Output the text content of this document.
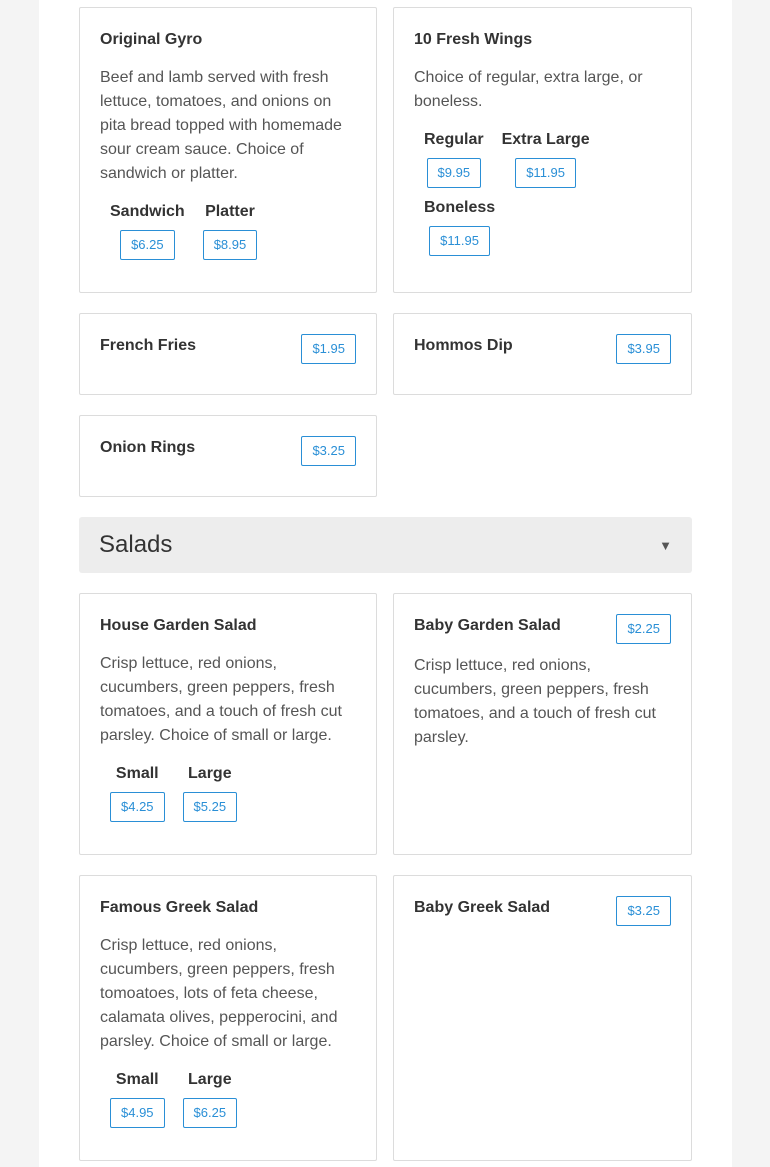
Original Gyro

Beef and lamb served with fresh lettuce, tomatoes, and onions on pita bread topped with homemade sour cream sauce. Choice of sandwich or platter.

Sandwich
$6.25
Platter
$8.95
10 Fresh Wings

Choice of regular, extra large, or boneless.

Regular
$9.95
Extra Large
$11.95
Boneless
$11.95
French Fries	$1.95	Hommos Dip	$3.95
Onion Rings	$3.25
Salads	▼
House Garden Salad

Crisp lettuce, red onions, cucumbers, green peppers, fresh tomatoes, and a touch of fresh cut parsley. Choice of small or large.

Small
$4.25
Large
$5.25
Baby Garden Salad	$2.25

Crisp lettuce, red onions, cucumbers, green peppers, fresh tomatoes, and a touch of fresh cut parsley.

Famous Greek Salad

Crisp lettuce, red onions, cucumbers, green peppers, fresh tomoatoes, lots of feta cheese, calamata olives, pepperocini, and parsley. Choice of small or large.

Small
$4.95
Large
$6.25
Baby Greek Salad	$3.25
